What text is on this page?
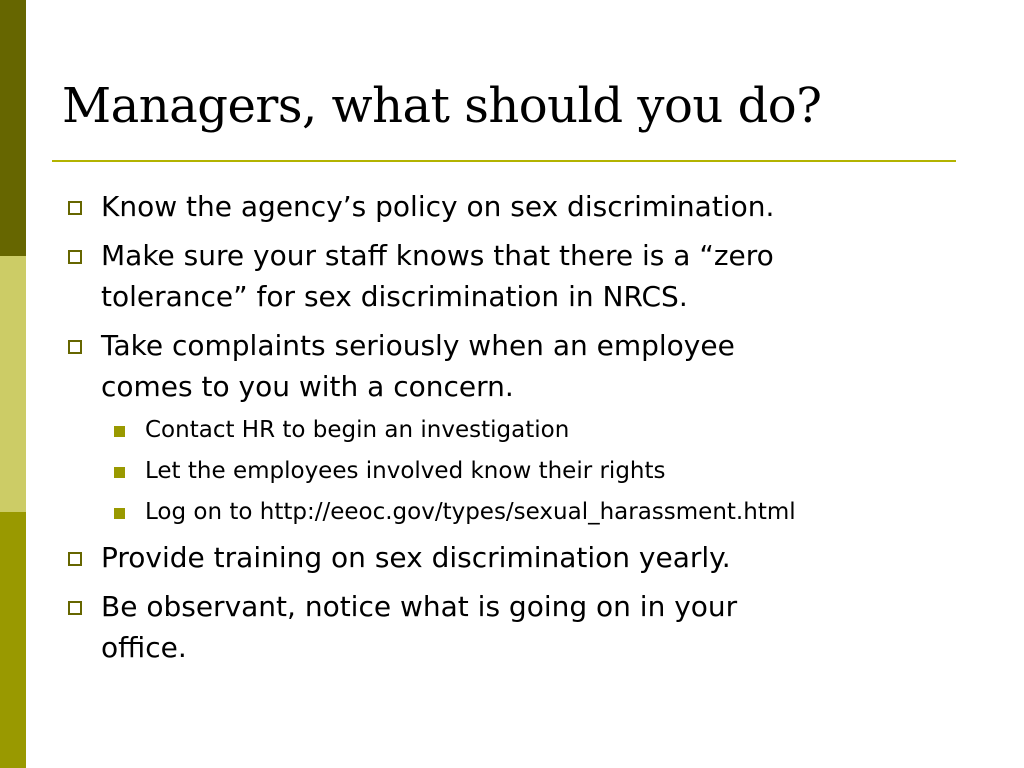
Managers, what should you do?
Know the agency’s policy on sex discrimination.
Make sure your staff knows that there is a “zero
tolerance” for sex discrimination in NRCS.
Take complaints seriously when an employee
comes to you with a concern.
Contact HR to begin an investigation
Let the employees involved know their rights
Log on to http://eeoc.gov/types/sexual_harassment.html
Provide training on sex discrimination yearly.
Be observant, notice what is going on in your
office.
